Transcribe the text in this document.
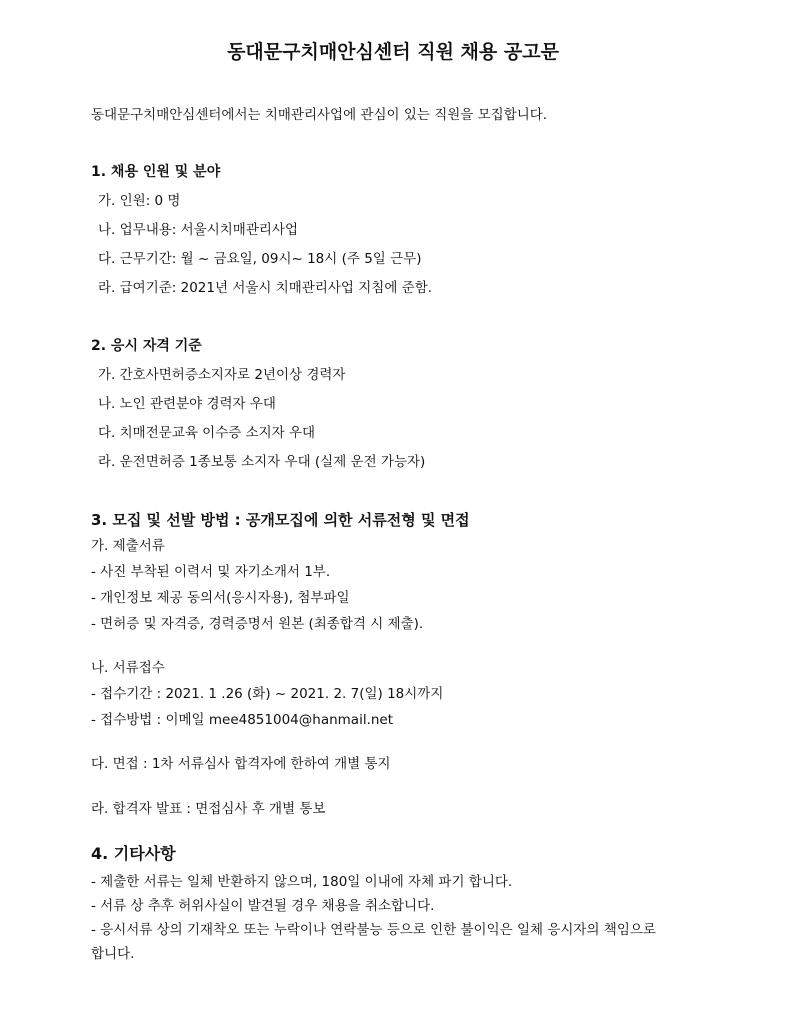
동대문구치매안심센터 직원 채용 공고문
동대문구치매안심센터에서는 치매관리사업에 관심이 있는 직원을 모집합니다.
1. 채용 인원 및 분야
가. 인원: 0 명
나. 업무내용: 서울시치매관리사업
다. 근무기간: 월 ~ 금요일, 09시~ 18시 (주 5일 근무)
라. 급여기준: 2021년 서울시 치매관리사업 지침에 준함.
2. 응시 자격 기준
가. 간호사면허증소지자로 2년이상 경력자
나. 노인 관련분야 경력자 우대
다. 치매전문교육 이수증 소지자 우대
라. 운전면허증 1종보통 소지자 우대 (실제 운전 가능자)
3. 모집 및 선발 방법 : 공개모집에 의한 서류전형 및 면접
가. 제출서류
- 사진 부착된 이력서 및 자기소개서 1부.
- 개인정보 제공 동의서(응시자용), 첨부파일
- 면허증 및 자격증, 경력증명서 원본 (최종합격 시 제출).
나. 서류접수
- 접수기간 : 2021. 1 .26 (화) ~ 2021. 2. 7(일) 18시까지
- 접수방법 : 이메일 mee4851004@hanmail.net
다. 면접 : 1차 서류심사 합격자에 한하여 개별 통지
라. 합격자 발표 : 면접심사 후 개별 통보
4. 기타사항
- 제출한 서류는 일체 반환하지 않으며, 180일 이내에 자체 파기 합니다.
- 서류 상 추후 허위사실이 발견될 경우 채용을 취소합니다.
- 응시서류 상의 기재착오 또는 누락이나 연락불능 등으로 인한 불이익은 일체 응시자의 책임으로
합니다.
